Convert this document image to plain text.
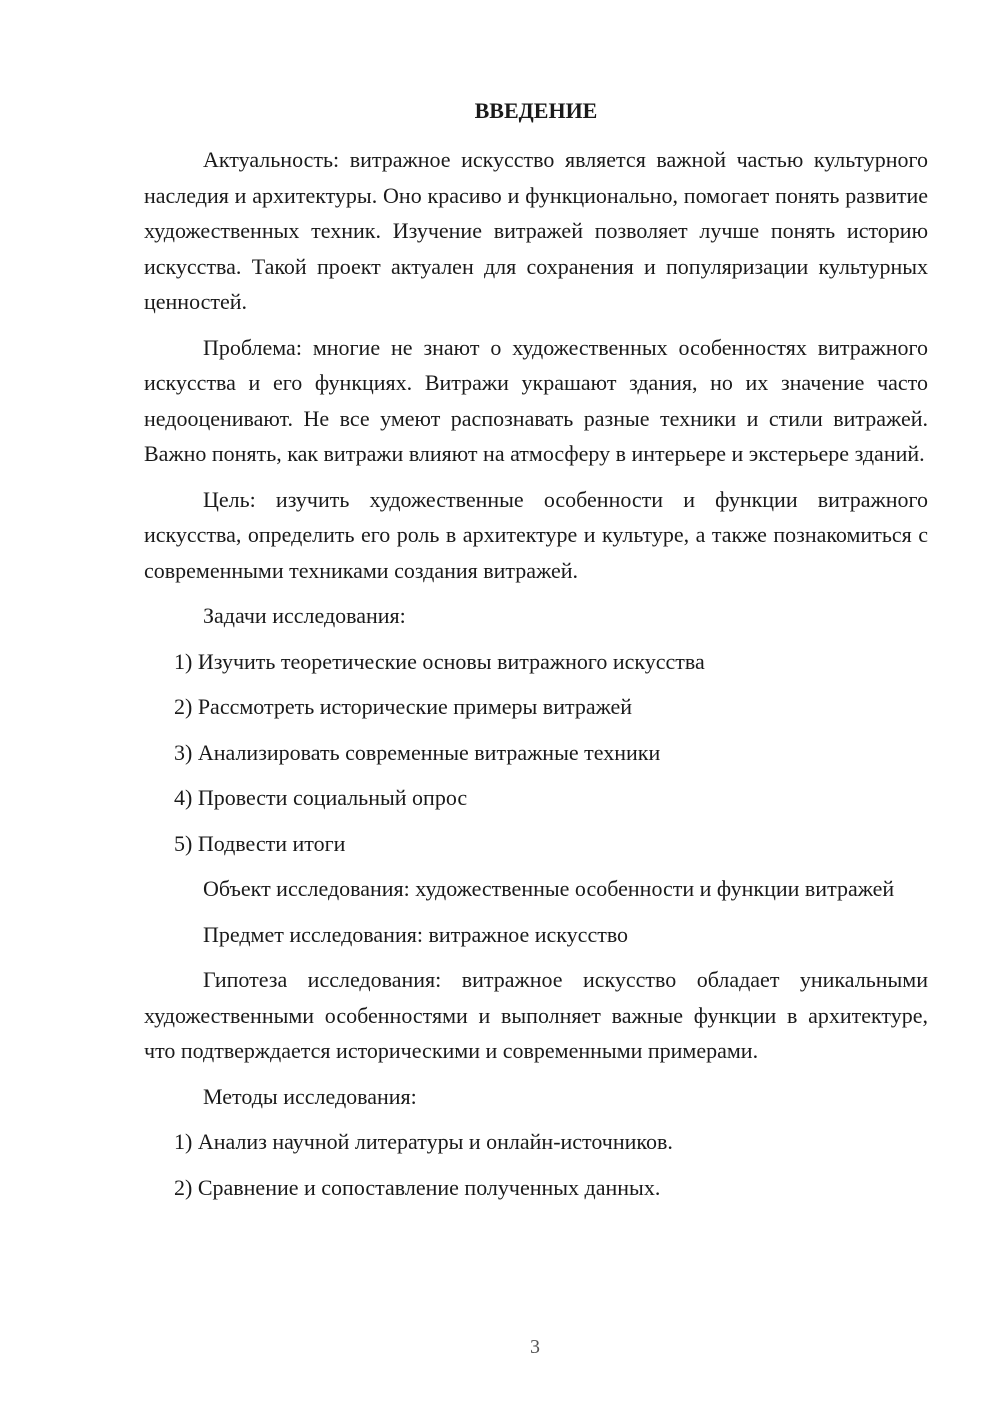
ВВЕДЕНИЕ

Актуальность: витражное искусство является важной частью культурного наследия и архитектуры. Оно красиво и функционально, помогает понять развитие художественных техник. Изучение витражей позволяет лучше понять историю искусства. Такой проект актуален для сохранения и популяризации культурных ценностей.

Проблема: многие не знают о художественных особенностях витражного искусства и его функциях. Витражи украшают здания, но их значение часто недооценивают. Не все умеют распознавать разные техники и стили витражей. Важно понять, как витражи влияют на атмосферу в интерьере и экстерьере зданий.

Цель: изучить художественные особенности и функции витражного искусства, определить его роль в архитектуре и культуре, а также познакомиться с современными техниками создания витражей.

Задачи исследования:

1) Изучить теоретические основы витражного искусства

2) Рассмотреть исторические примеры витражей

3) Анализировать современные витражные техники

4) Провести социальный опрос

5) Подвести итоги

Объект исследования: художественные особенности и функции витражей

Предмет исследования: витражное искусство

Гипотеза исследования: витражное искусство обладает уникальными художественными особенностями и выполняет важные функции в архитектуре, что подтверждается историческими и современными примерами.

Методы исследования:

1) Анализ научной литературы и онлайн-источников.

2) Сравнение и сопоставление полученных данных.

3
